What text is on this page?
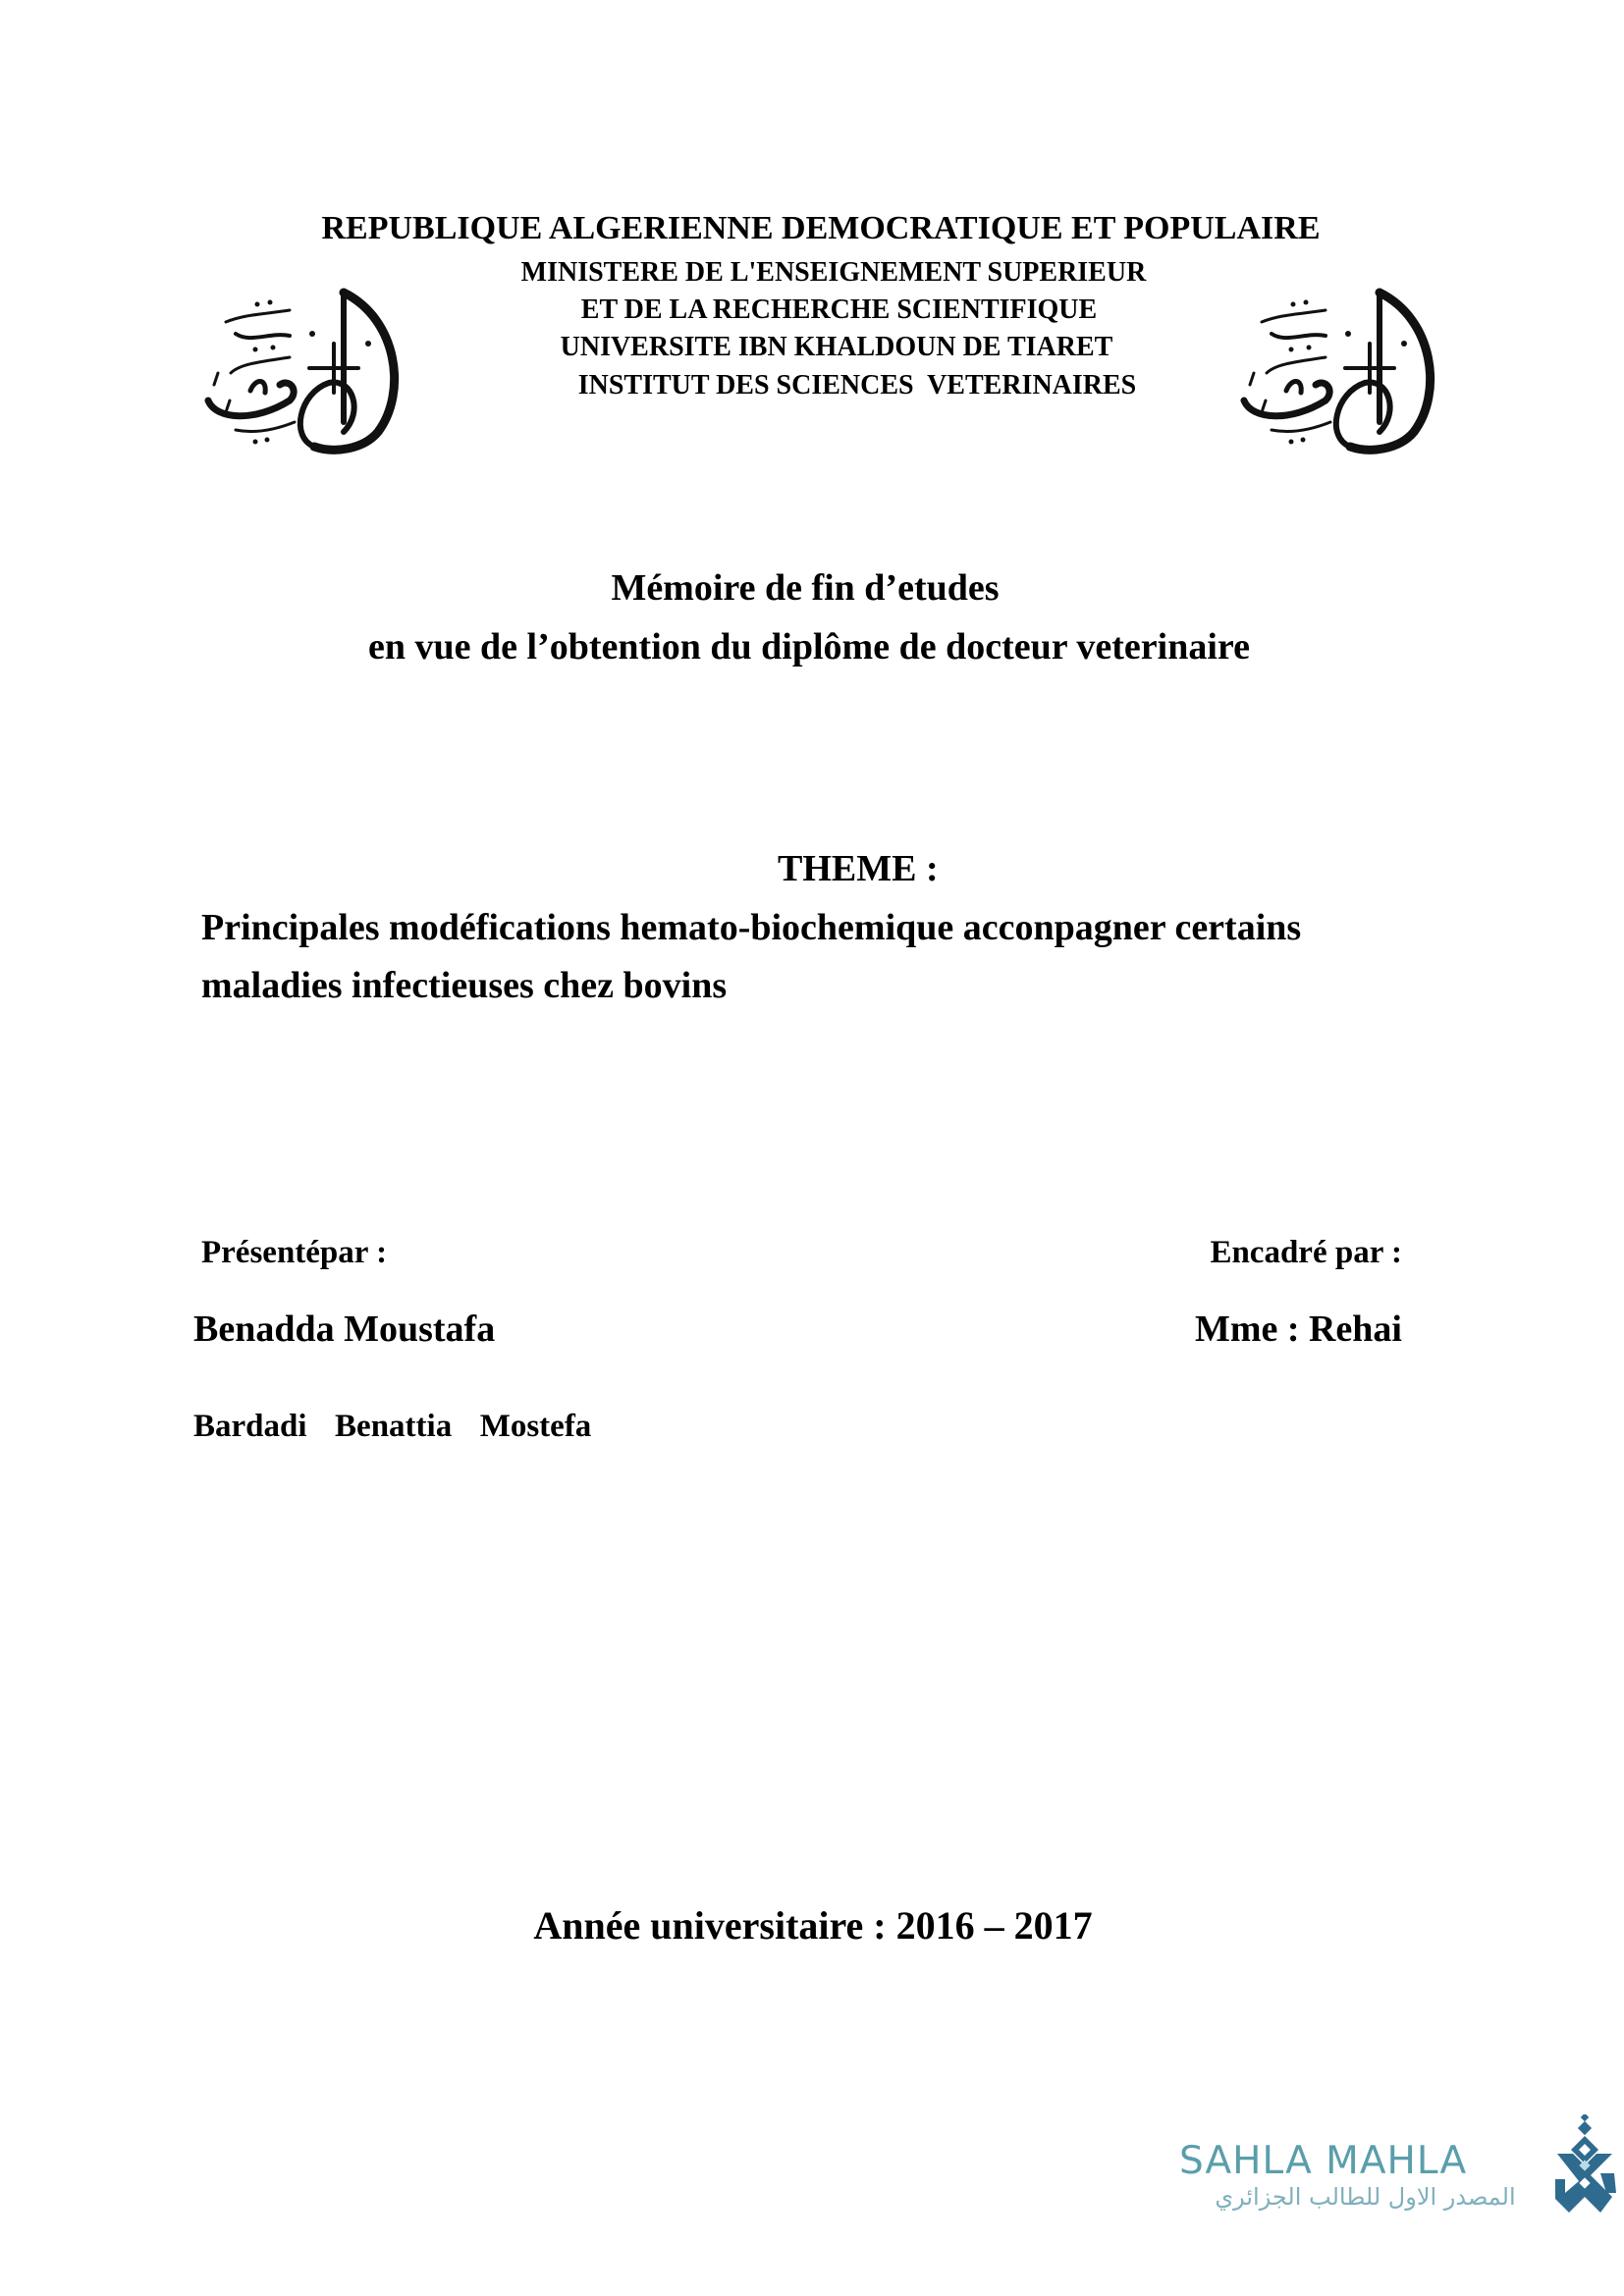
REPUBLIQUE ALGERIENNE DEMOCRATIQUE ET POPULAIRE
MINISTERE DE L'ENSEIGNEMENT SUPERIEUR
ET DE LA RECHERCHE SCIENTIFIQUE
UNIVERSITE IBN KHALDOUN DE TIARET
INSTITUT DES SCIENCES  VETERINAIRES
Mémoire de fin d’etudes
en vue de l’obtention du diplôme de docteur veterinaire
THEME :
Principales modéfications hemato-biochemique acconpagner certains
maladies infectieuses chez bovins
Présentépar :	Encadré par :
Benadda Moustafa	Mme : Rehai
Bardadi  Benattia  Mostefa
Année universitaire : 2016 – 2017
SAHLA MAHLA
المصدر الاول للطالب الجزائري
